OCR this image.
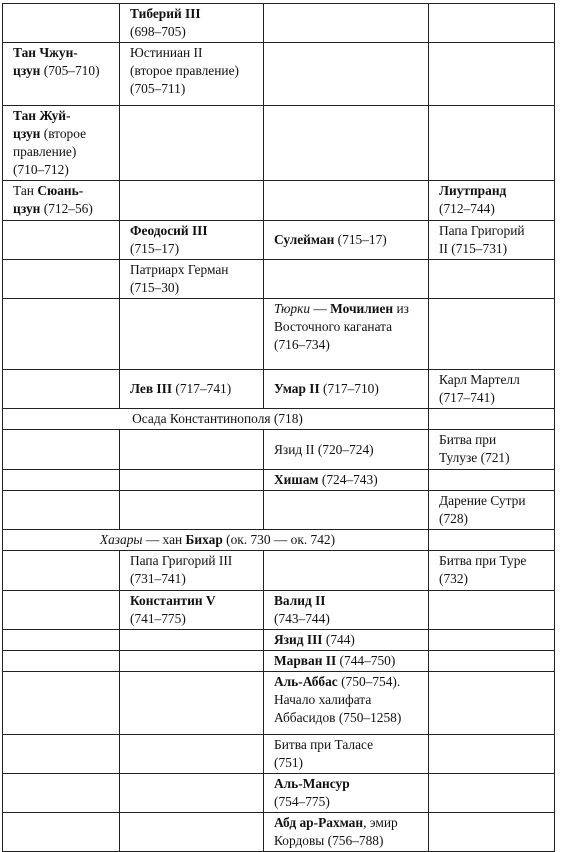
	Тиберий III
(698–705)		

Тан Чжун-
цзун (705–710)	Юстиниан II
(второе правление)
(705–711)		

Тан Жуй-
цзун (второе
правление)
(710–712)			

Тан Сюань-
цзун (712–56)			Лиутпранд
(712–744)

	Феодосий III
(715–17)	Сулейман (715–17)	Папа Григорий
II (715–731)

	Патриарх Герман
(715–30)		

		Тюрки — Мочилиен из
Восточного каганата
(716–734)	

	Лев III (717–741)	Умар II (717–710)	Карл Мартелл
(717–741)

Осада Константинополя (718)			

		Язид II (720–724)	Битва при
Тулузе (721)

		Хишам (724–743)	

			Дарение Сутри
(728)

Хазары — хан Бихар (ок. 730 — ок. 742)			

	Папа Григорий III
(731–741)		Битва при Туре
(732)

	Константин V
(741–775)	Валид II
(743–744)	

		Язид III (744)	

		Марван II (744–750)	

		Аль-Аббас (750–754).
Начало халифата
Аббасидов (750–1258)	

		Битва при Таласе
(751)	

		Аль-Мансур
(754–775)	

		Абд ар-Рахман, эмир
Кордовы (756–788)	
